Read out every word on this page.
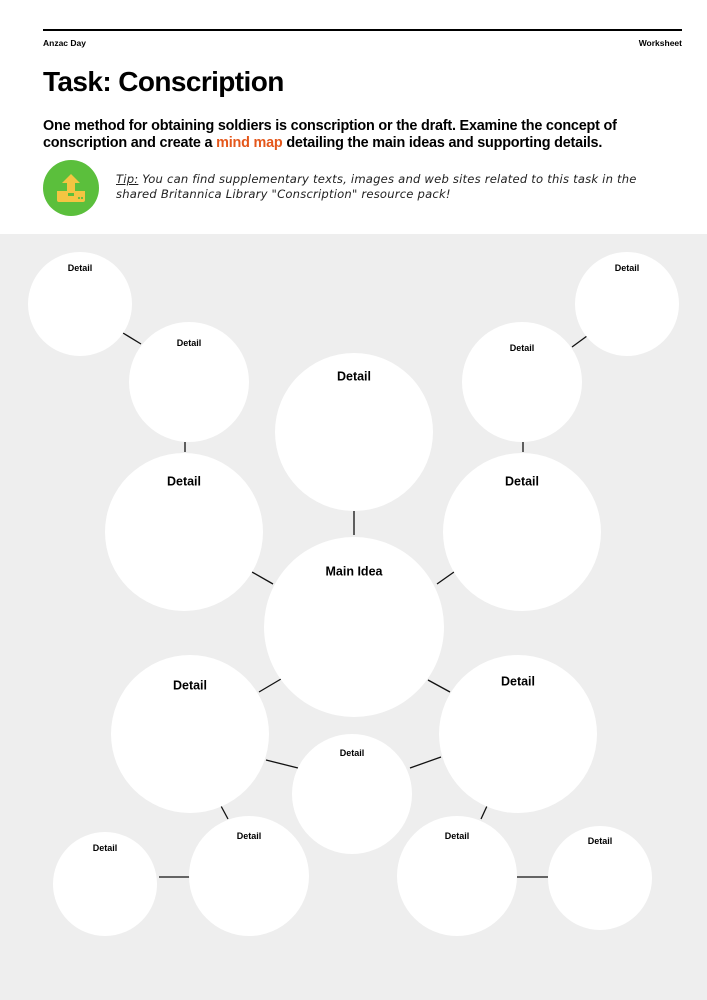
Anzac Day	Worksheet
Task: Conscription

One method for obtaining soldiers is conscription or the draft. Examine the concept of conscription and create a mind map detailing the main ideas and supporting details.

Tip: You can find supplementary texts, images and web sites related to this task in the shared Britannica Library "Conscription" resource pack!

Main Idea
Detail
Detail	Detail
Detail	Detail
Detail	Detail
Detail	Detail
Detail
Detail	Detail
Detail
Detail
